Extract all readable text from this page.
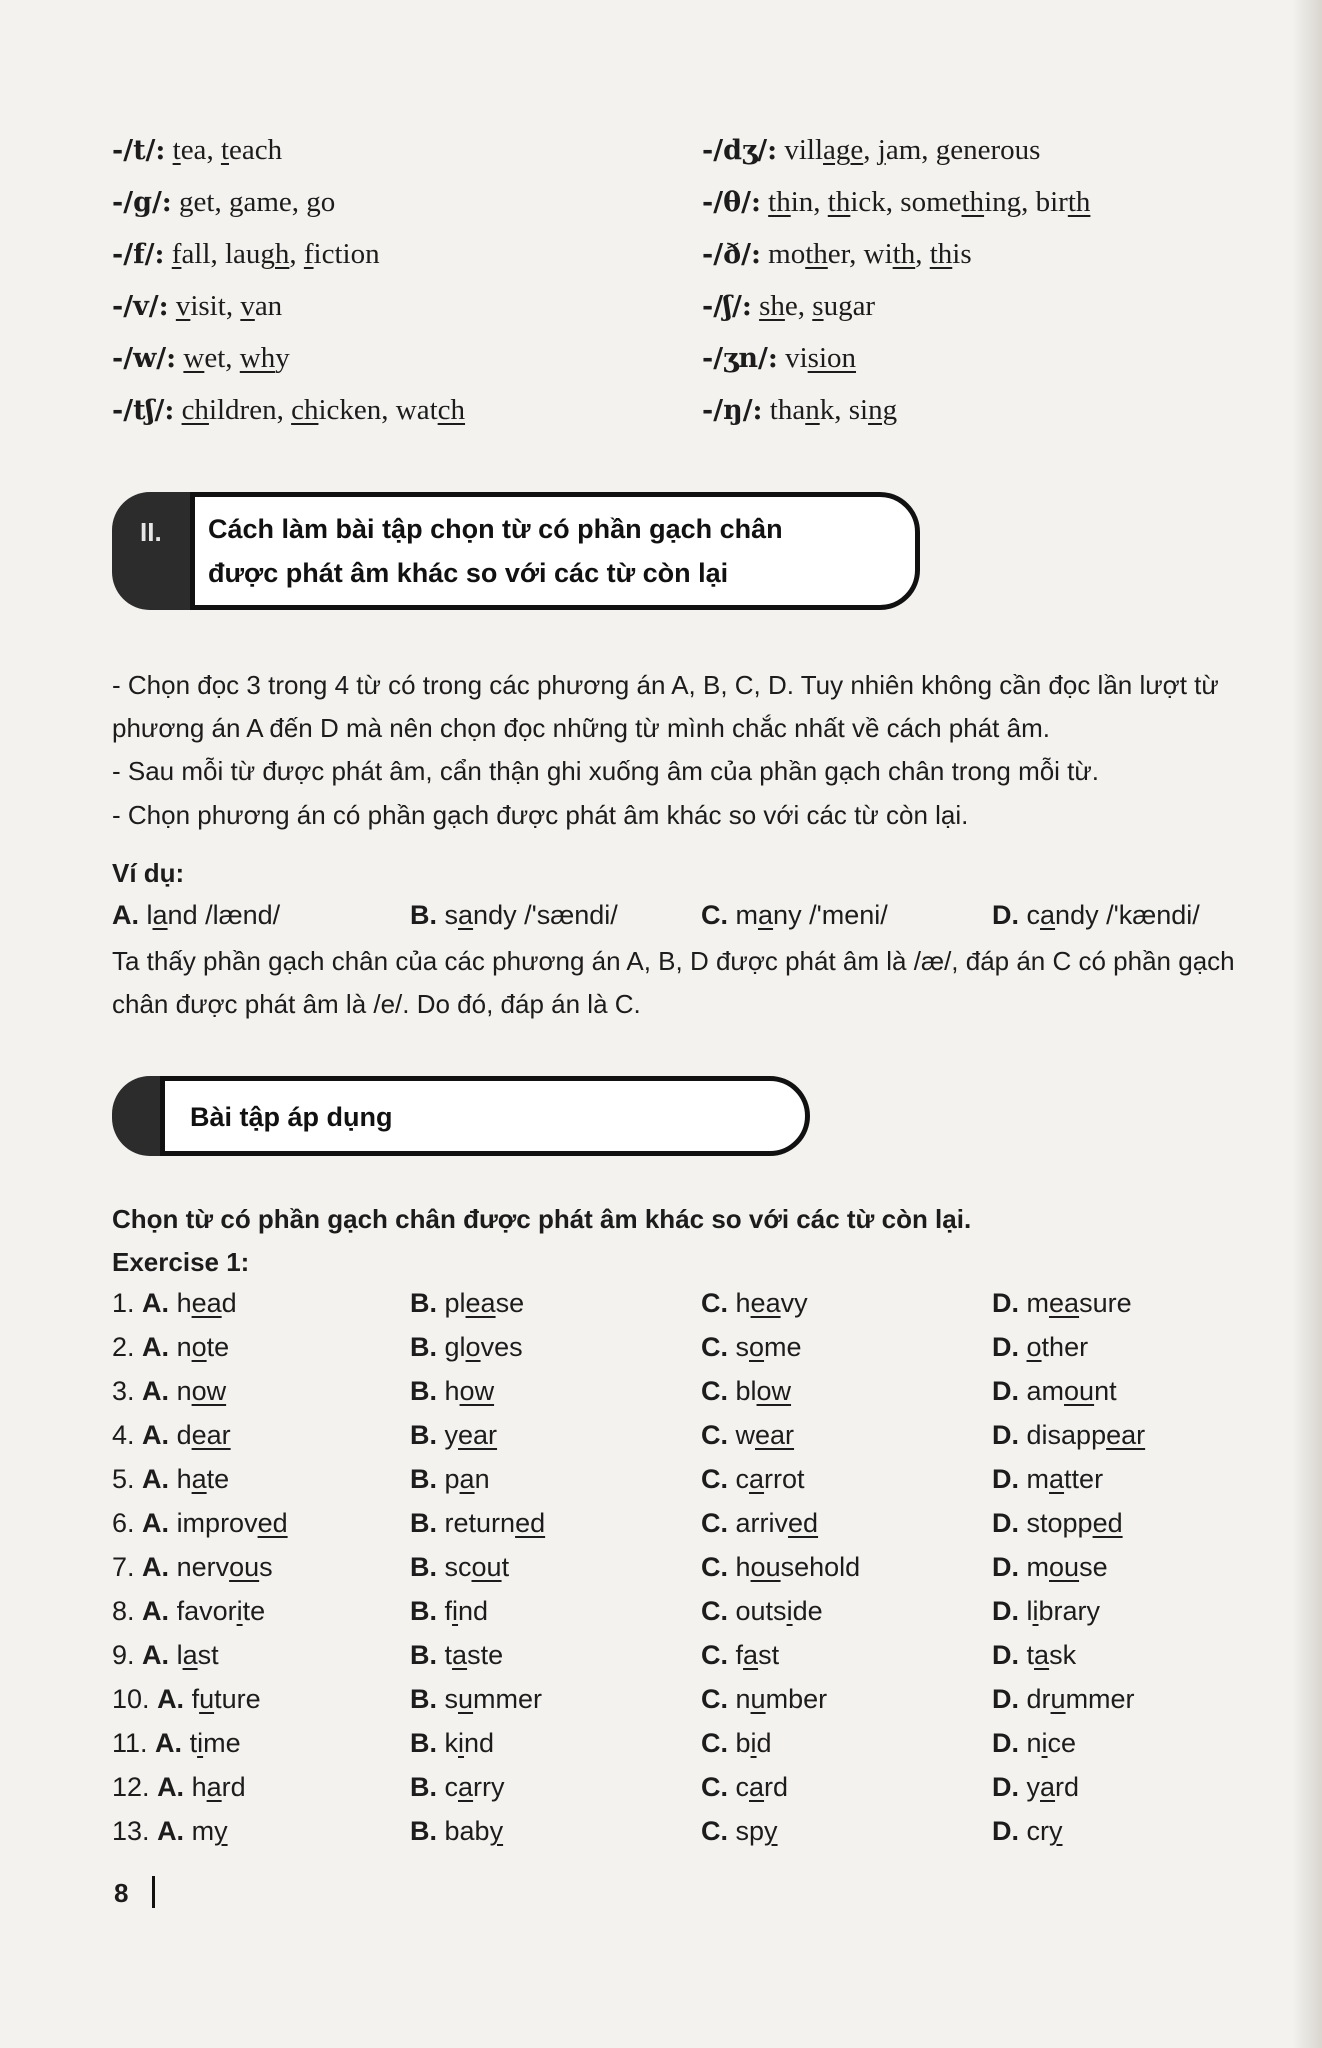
-/t/: tea, teach
-/g/: get, game, go
-/f/: fall, laugh, fiction
-/v/: visit, van
-/w/: wet, why
-/tʃ/: children, chicken, watch
-/dʒ/: village, jam, generous
-/θ/: thin, thick, something, birth
-/ð/: mother, with, this
-/ʃ/: she, sugar
-/ʒn/: vision
-/ŋ/: thank, sing
II. Cách làm bài tập chọn từ có phần gạch chân
được phát âm khác so với các từ còn lại
- Chọn đọc 3 trong 4 từ có trong các phương án A, B, C, D. Tuy nhiên không cần đọc lần lượt từ phương án A đến D mà nên chọn đọc những từ mình chắc nhất về cách phát âm.
- Sau mỗi từ được phát âm, cẩn thận ghi xuống âm của phần gạch chân trong mỗi từ.
- Chọn phương án có phần gạch được phát âm khác so với các từ còn lại.
Ví dụ:
A. land /lænd/	B. sandy /'sændi/	C. many /'meni/	D. candy /'kændi/
Ta thấy phần gạch chân của các phương án A, B, D được phát âm là /æ/, đáp án C có phần gạch chân được phát âm là /e/. Do đó, đáp án là C.
Bài tập áp dụng
Chọn từ có phần gạch chân được phát âm khác so với các từ còn lại.
Exercise 1:
1. A. head	B. please	C. heavy	D. measure
2. A. note	B. gloves	C. some	D. other
3. A. now	B. how	C. blow	D. amount
4. A. dear	B. year	C. wear	D. disappear
5. A. hate	B. pan	C. carrot	D. matter
6. A. improved	B. returned	C. arrived	D. stopped
7. A. nervous	B. scout	C. household	D. mouse
8. A. favorite	B. find	C. outside	D. library
9. A. last	B. taste	C. fast	D. task
10. A. future	B. summer	C. number	D. drummer
11. A. time	B. kind	C. bid	D. nice
12. A. hard	B. carry	C. card	D. yard
13. A. my	B. baby	C. spy	D. cry
8
